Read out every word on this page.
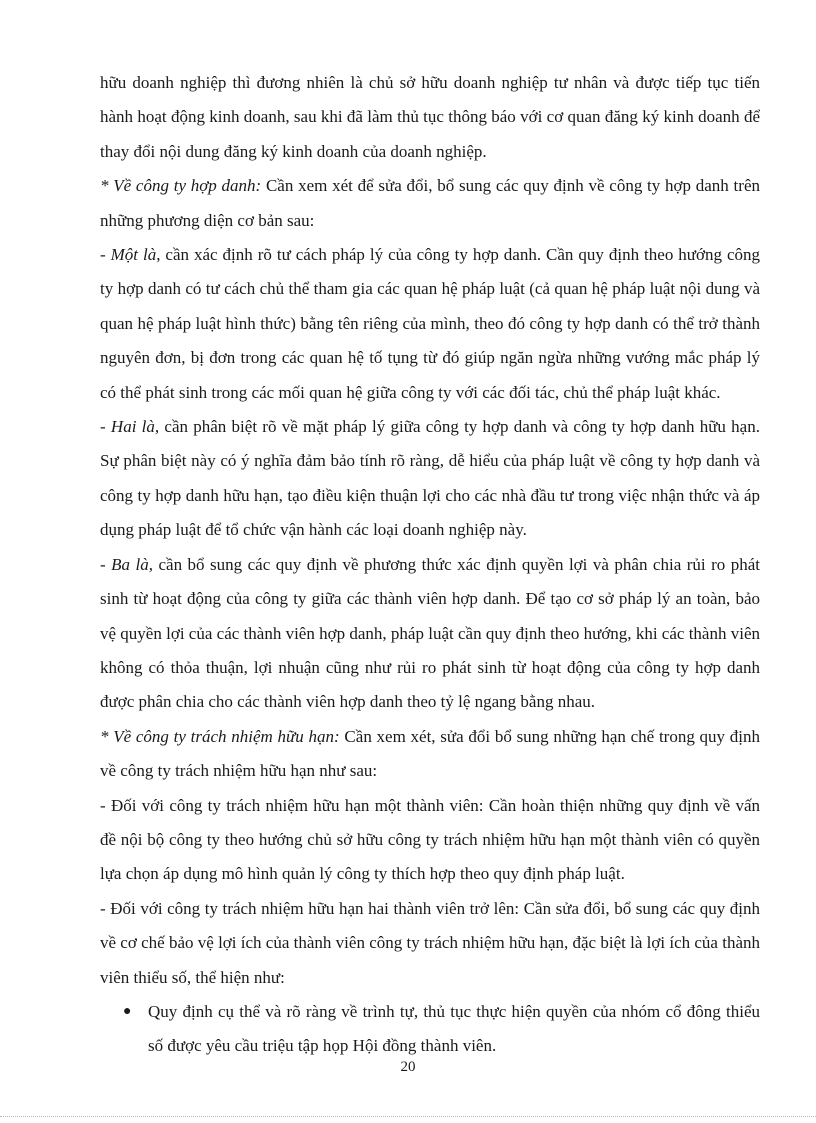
hữu doanh nghiệp thì đương nhiên là chủ sở hữu doanh nghiệp tư nhân và được tiếp tục tiến hành hoạt động kinh doanh, sau khi đã làm thủ tục thông báo với cơ quan đăng ký kinh doanh để thay đổi nội dung đăng ký kinh doanh của doanh nghiệp.

* Về công ty hợp danh: Cần xem xét để sửa đổi, bổ sung các quy định về công ty hợp danh trên những phương diện cơ bản sau:

- Một là, cần xác định rõ tư cách pháp lý của công ty hợp danh. Cần quy định theo hướng công ty hợp danh có tư cách chủ thể tham gia các quan hệ pháp luật (cả quan hệ pháp luật nội dung và quan hệ pháp luật hình thức) bằng tên riêng của mình, theo đó công ty hợp danh có thể trở thành nguyên đơn, bị đơn trong các quan hệ tố tụng từ đó giúp ngăn ngừa những vướng mắc pháp lý có thể phát sinh trong các mối quan hệ giữa công ty với các đối tác, chủ thể pháp luật khác.

- Hai là, cần phân biệt rõ về mặt pháp lý giữa công ty hợp danh và công ty hợp danh hữu hạn. Sự phân biệt này có ý nghĩa đảm bảo tính rõ ràng, dễ hiểu của pháp luật về công ty hợp danh và công ty hợp danh hữu hạn, tạo điều kiện thuận lợi cho các nhà đầu tư trong việc nhận thức và áp dụng pháp luật để tổ chức vận hành các loại doanh nghiệp này.

- Ba là, cần bổ sung các quy định về phương thức xác định quyền lợi và phân chia rủi ro phát sinh từ hoạt động của công ty giữa các thành viên hợp danh. Để tạo cơ sở pháp lý an toàn, bảo vệ quyền lợi của các thành viên hợp danh, pháp luật cần quy định theo hướng, khi các thành viên không có thỏa thuận, lợi nhuận cũng như rủi ro phát sinh từ hoạt động của công ty hợp danh được phân chia cho các thành viên hợp danh theo tỷ lệ ngang bằng nhau.

* Về công ty trách nhiệm hữu hạn: Cần xem xét, sửa đổi bổ sung những hạn chế trong quy định về công ty trách nhiệm hữu hạn như sau:

- Đối với công ty trách nhiệm hữu hạn một thành viên: Cần hoàn thiện những quy định về vấn đề nội bộ công ty theo hướng chủ sở hữu công ty trách nhiệm hữu hạn một thành viên có quyền lựa chọn áp dụng mô hình quản lý công ty thích hợp theo quy định pháp luật.

- Đối với công ty trách nhiệm hữu hạn hai thành viên trở lên: Cần sửa đổi, bổ sung các quy định về cơ chế bảo vệ lợi ích của thành viên công ty trách nhiệm hữu hạn, đặc biệt là lợi ích của thành viên thiểu số, thể hiện như:

● Quy định cụ thể và rõ ràng về trình tự, thủ tục thực hiện quyền của nhóm cổ đông thiểu số được yêu cầu triệu tập họp Hội đồng thành viên.
20
